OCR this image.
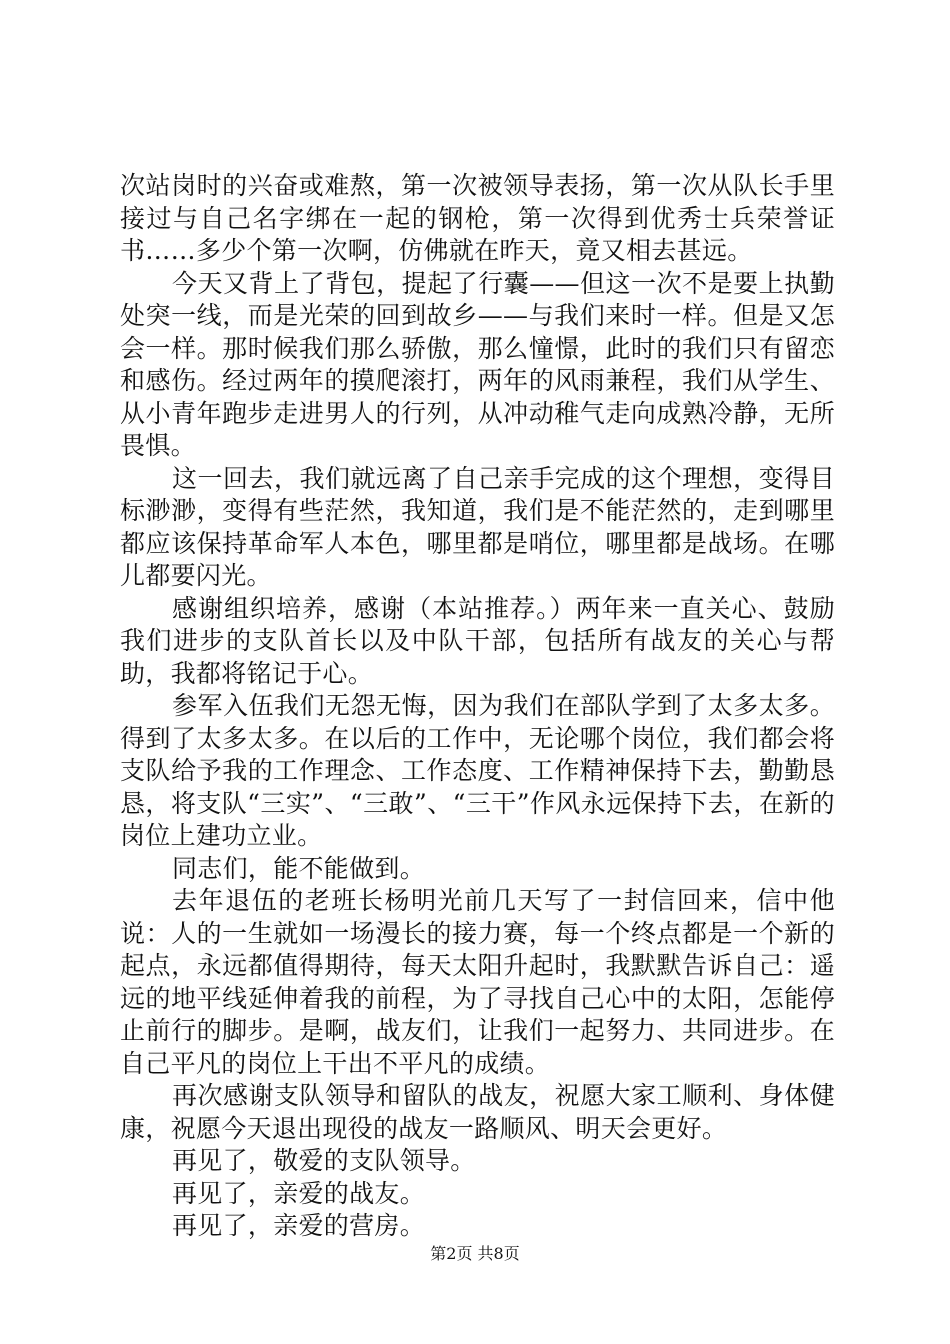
次站岗时的兴奋或难熬，第一次被领导表扬，第一次从队长手里接过与自己名字绑在一起的钢枪，第一次得到优秀士兵荣誉证书……多少个第一次啊，仿佛就在昨天，竟又相去甚远。

今天又背上了背包，提起了行囊——但这一次不是要上执勤处突一线，而是光荣的回到故乡——与我们来时一样。但是又怎会一样。那时候我们那么骄傲，那么憧憬，此时的我们只有留恋和感伤。经过两年的摸爬滚打，两年的风雨兼程，我们从学生、从小青年跑步走进男人的行列，从冲动稚气走向成熟冷静，无所畏惧。

这一回去，我们就远离了自己亲手完成的这个理想，变得目标渺渺，变得有些茫然，我知道，我们是不能茫然的，走到哪里都应该保持革命军人本色，哪里都是哨位，哪里都是战场。在哪儿都要闪光。

感谢组织培养，感谢（本站推荐。）两年来一直关心、鼓励我们进步的支队首长以及中队干部，包括所有战友的关心与帮助，我都将铭记于心。

参军入伍我们无怨无悔，因为我们在部队学到了太多太多。得到了太多太多。在以后的工作中，无论哪个岗位，我们都会将支队给予我的工作理念、工作态度、工作精神保持下去，勤勤恳恳，将支队“三实”、“三敢”、“三干”作风永远保持下去，在新的岗位上建功立业。

同志们，能不能做到。

去年退伍的老班长杨明光前几天写了一封信回来，信中他说：人的一生就如一场漫长的接力赛，每一个终点都是一个新的起点，永远都值得期待，每天太阳升起时，我默默告诉自己：遥远的地平线延伸着我的前程，为了寻找自己心中的太阳，怎能停止前行的脚步。是啊，战友们，让我们一起努力、共同进步。在自己平凡的岗位上干出不平凡的成绩。

再次感谢支队领导和留队的战友，祝愿大家工顺利、身体健康，祝愿今天退出现役的战友一路顺风、明天会更好。

再见了，敬爱的支队领导。

再见了，亲爱的战友。

再见了，亲爱的营房。

第2页 共8页
